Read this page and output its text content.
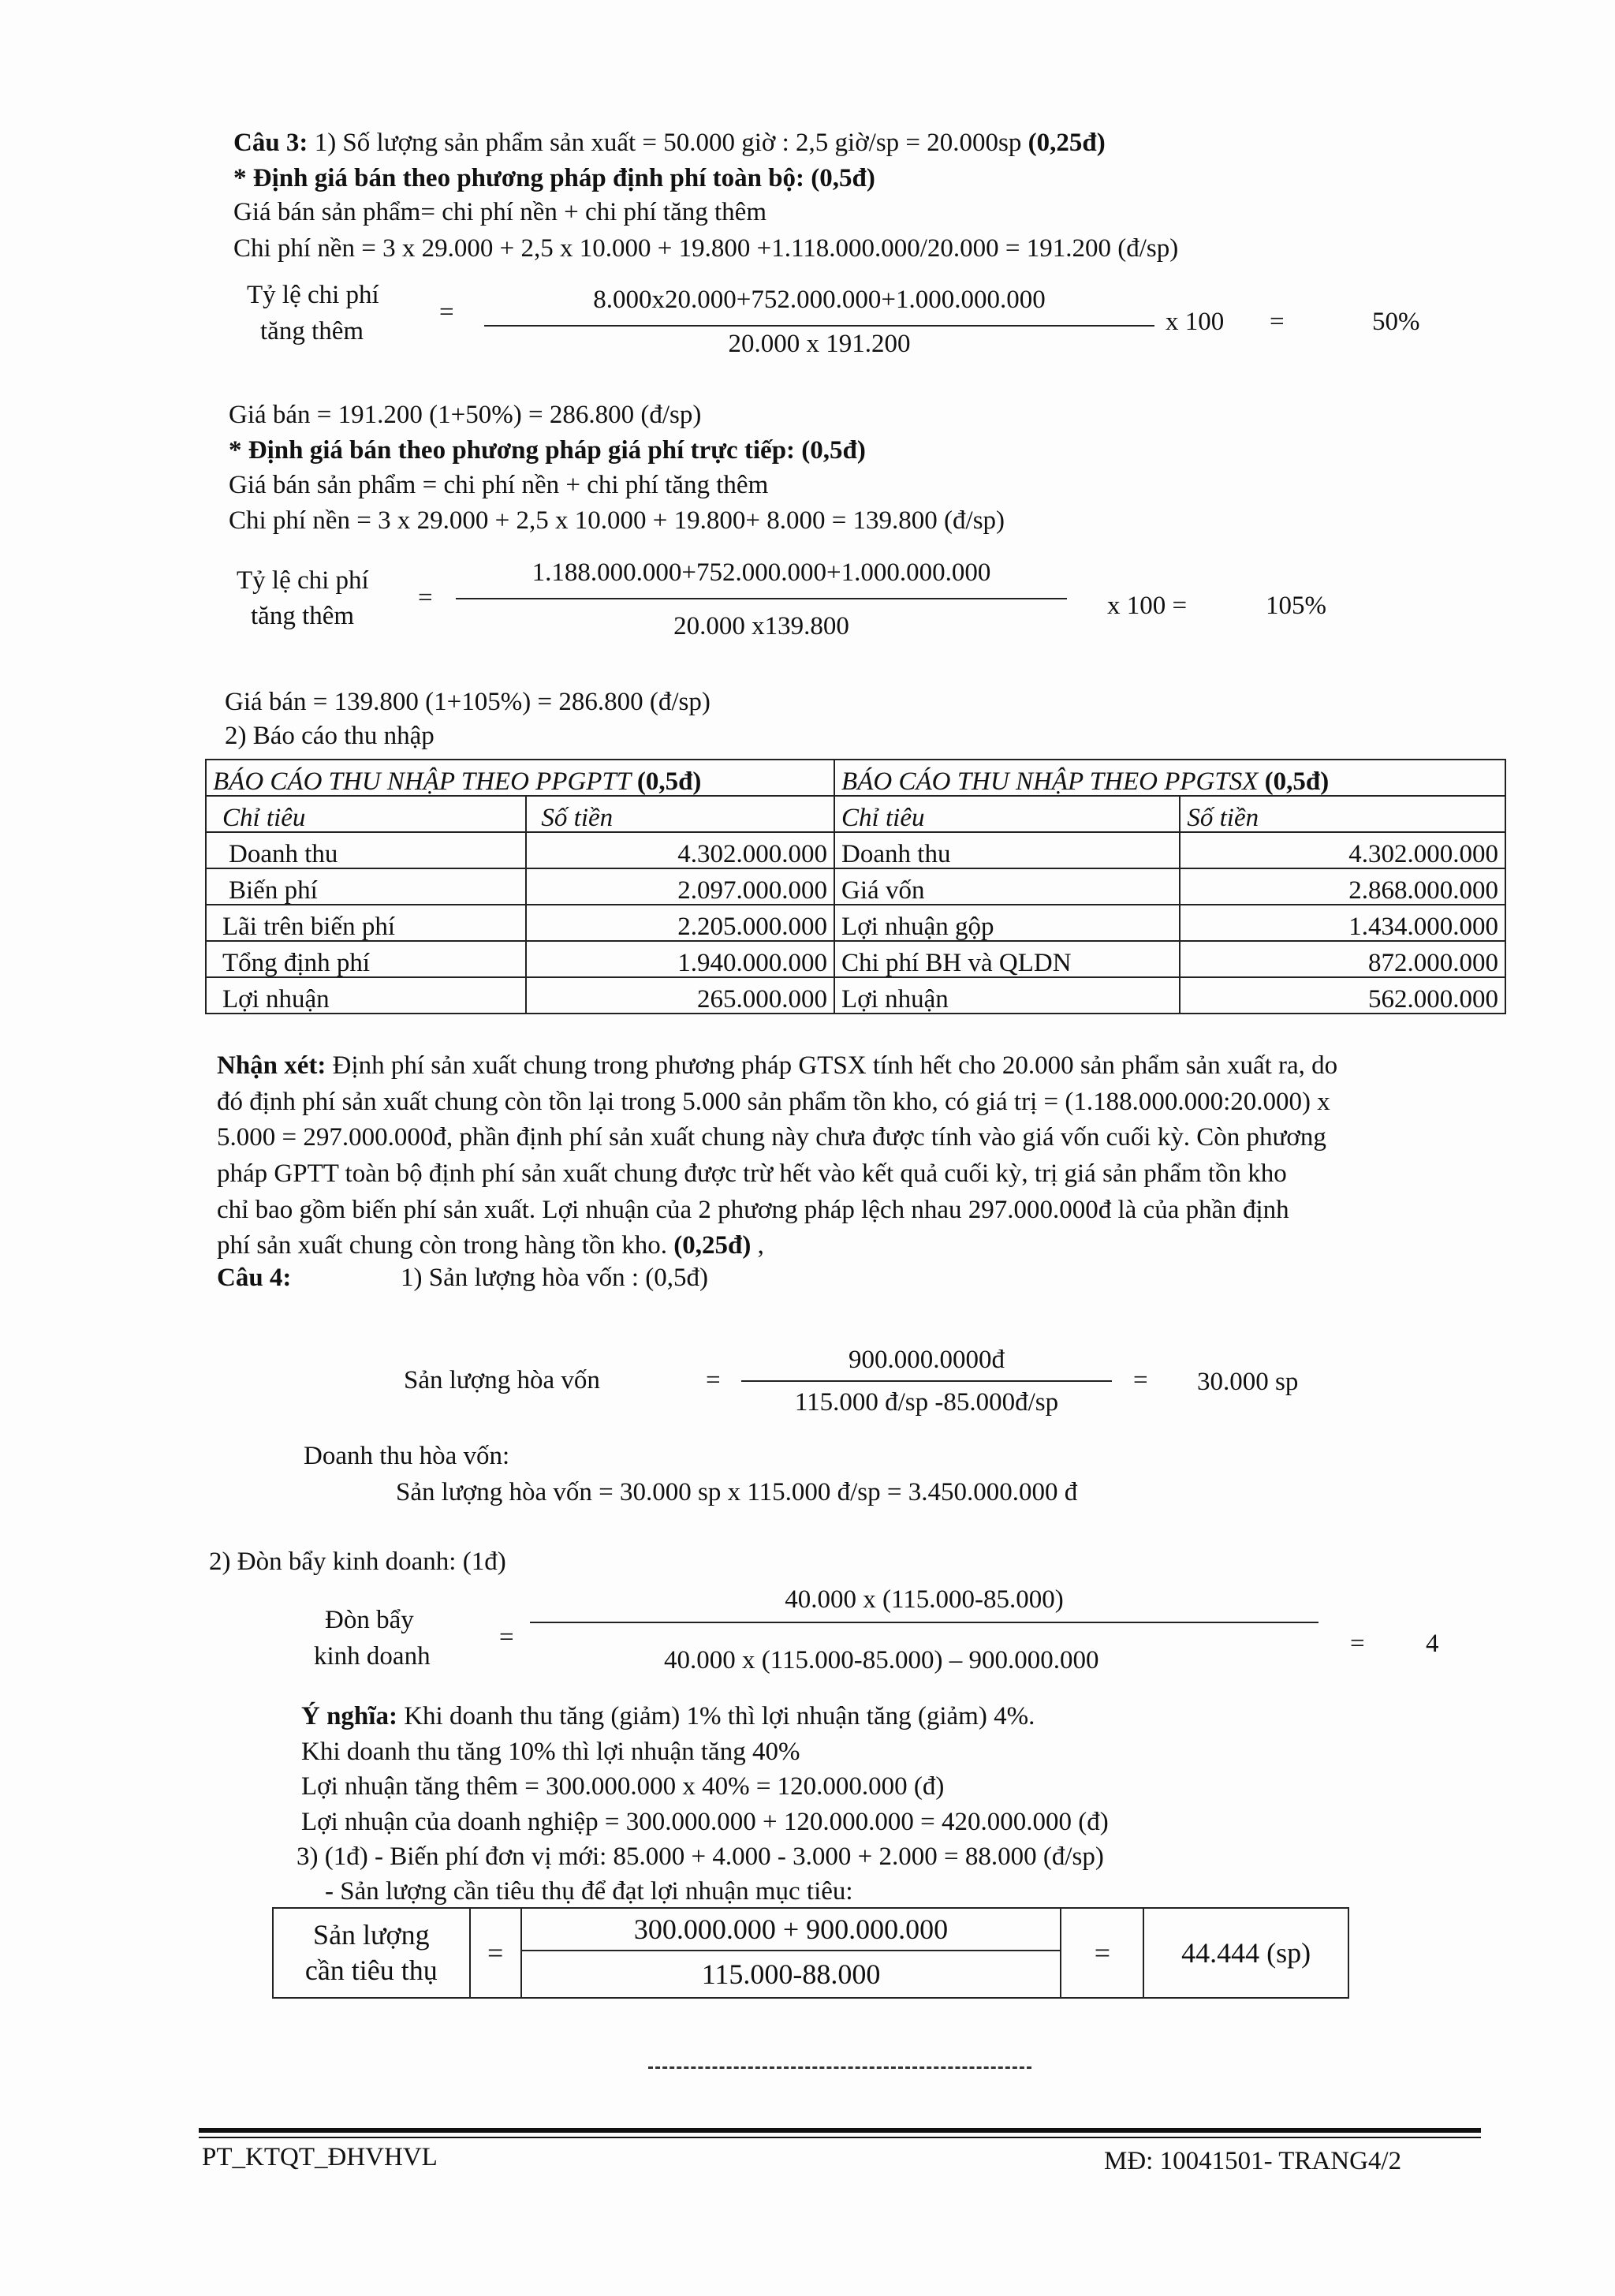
Câu 3: 1) Số lượng sản phẩm sản xuất = 50.000 giờ : 2,5 giờ/sp = 20.000sp (0,25đ)
* Định giá bán theo phương pháp định phí toàn bộ: (0,5đ)
Giá bán sản phẩm= chi phí nền + chi phí tăng thêm
Chi phí nền = 3 x 29.000 + 2,5 x 10.000 + 19.800 +1.118.000.000/20.000 = 191.200 (đ/sp)
Tỷ lệ chi phí
tăng thêm
=	8.000x20.000+752.000.000+1.000.000.000
20.000 x 191.200
x 100 =	50%
Giá bán = 191.200 (1+50%) = 286.800 (đ/sp)
* Định giá bán theo phương pháp giá phí trực tiếp: (0,5đ)
Giá bán sản phẩm = chi phí nền + chi phí tăng thêm
Chi phí nền = 3 x 29.000 + 2,5 x 10.000 + 19.800+ 8.000 = 139.800 (đ/sp)
Tỷ lệ chi phí
tăng thêm
=
1.188.000.000+752.000.000+1.000.000.000
20.000 x139.800
x 100 =	105%
Giá bán = 139.800 (1+105%) = 286.800 (đ/sp)
2) Báo cáo thu nhập
BÁO CÁO THU NHẬP THEO PPGPTT (0,5đ)		BÁO CÁO THU NHẬP THEO PPGTSX (0,5đ)	
Chỉ tiêu	Số tiền	Chỉ tiêu	Số tiền
Doanh thu	4.302.000.000	Doanh thu	4.302.000.000
Biến phí	2.097.000.000	Giá vốn	2.868.000.000
Lãi trên biến phí	2.205.000.000	Lợi nhuận gộp	1.434.000.000
Tổng định phí	1.940.000.000	Chi phí BH và QLDN	872.000.000
Lợi nhuận	265.000.000	Lợi nhuận	562.000.000
Nhận xét: Định phí sản xuất chung trong phương pháp GTSX tính hết cho 20.000 sản phẩm sản xuất ra, do
đó định phí sản xuất chung còn tồn lại trong 5.000 sản phẩm tồn kho, có giá trị = (1.188.000.000:20.000) x
5.000 = 297.000.000đ, phần định phí sản xuất chung này chưa được tính vào giá vốn cuối kỳ. Còn phương
pháp GPTT toàn bộ định phí sản xuất chung được trừ hết vào kết quả cuối kỳ, trị giá sản phẩm tồn kho
chỉ bao gồm biến phí sản xuất. Lợi nhuận của 2 phương pháp lệch nhau 297.000.000đ là của phần định
phí sản xuất chung còn trong hàng tồn kho. (0,25đ) ,
Câu 4:	1) Sản lượng hòa vốn : (0,5đ)
Sản lượng hòa vốn	=
900.000.0000đ
115.000 đ/sp -85.000đ/sp
= 30.000 sp
Doanh thu hòa vốn:
Sản lượng hòa vốn = 30.000 sp x 115.000 đ/sp = 3.450.000.000 đ
2) Đòn bẩy kinh doanh: (1đ)
Đòn bẩy
kinh doanh
=
40.000 x (115.000-85.000)
40.000 x (115.000-85.000) – 900.000.000
= 4
Ý nghĩa: Khi doanh thu tăng (giảm) 1% thì lợi nhuận tăng (giảm) 4%.
Khi doanh thu tăng 10% thì lợi nhuận tăng 40%
Lợi nhuận tăng thêm = 300.000.000 x 40% = 120.000.000 (đ)
Lợi nhuận của doanh nghiệp = 300.000.000 + 120.000.000 = 420.000.000 (đ)
3) (1đ) - Biến phí đơn vị mới: 85.000 + 4.000 - 3.000 + 2.000 = 88.000 (đ/sp)
- Sản lượng cần tiêu thụ để đạt lợi nhuận mục tiêu:
Sản lượng
cần tiêu thụ	=	300.000.000 + 900.000.000	=	44.444 (sp)
115.000-88.000
PT_KTQT_ĐHVHVL	MĐ: 10041501- TRANG4/2
